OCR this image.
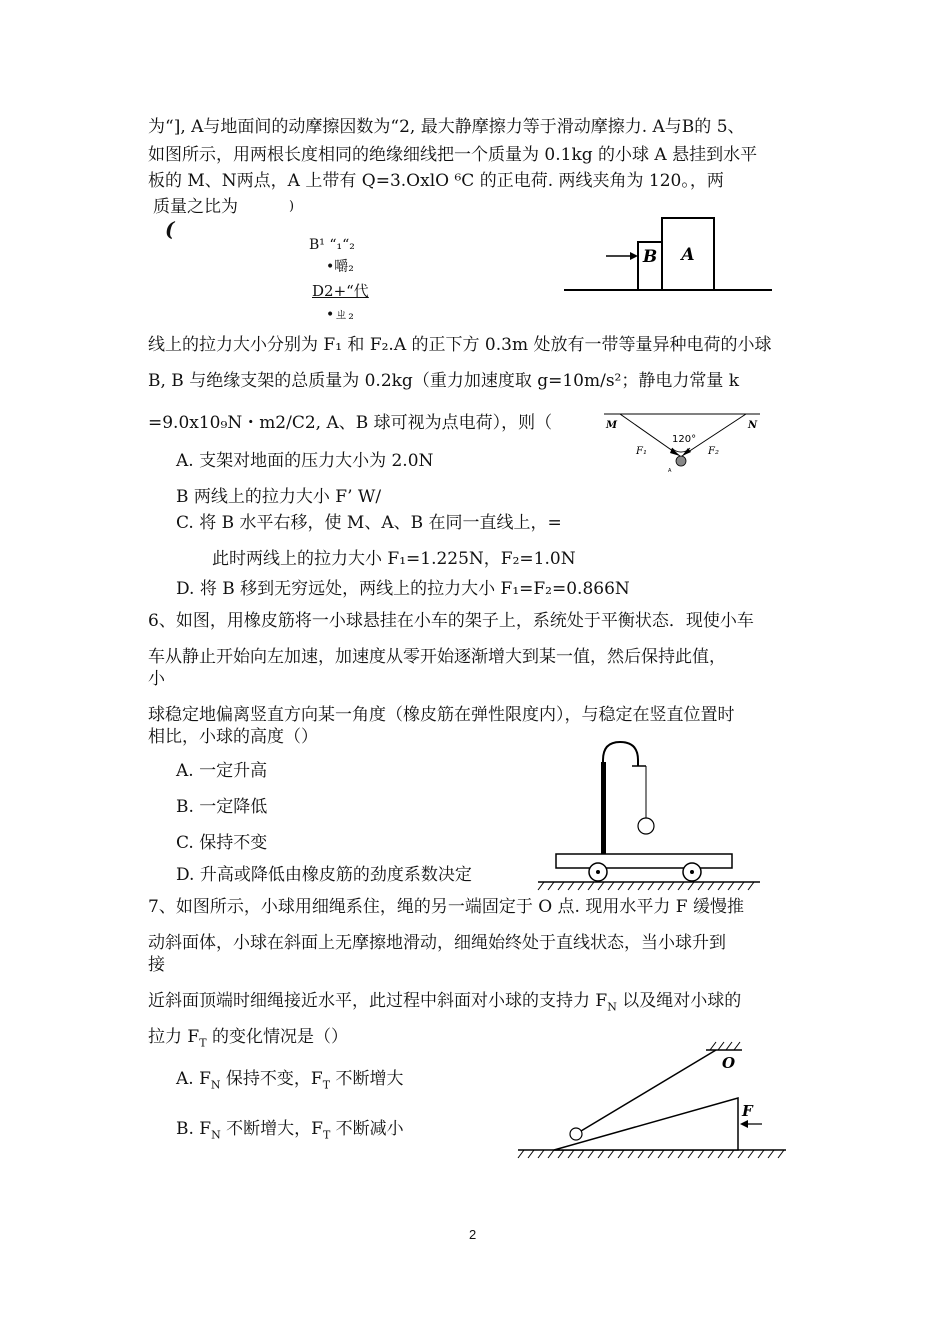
为“], A与地面间的动摩擦因数为“2, 最大静摩擦力等于滑动摩擦力. A与B的 5、
如图所示，用两根长度相同的绝缘细线把一个质量为 0.1kg 的小球 A 悬挂到水平
板的 M、N两点，A 上带有 Q=3.OxlO ⁶C 的正电荷. 两线夹角为 120。，两
质量之比为	)
(
B¹ “₁“₂
•嚼₂
D2+“代
•ㄓ₂
B A
线上的拉力大小分别为 F₁ 和 F₂.A 的正下方 0.3m 处放有一带等量异种电荷的小球
B, B 与绝缘支架的总质量为 0.2kg（重力加速度取 g=10m/s²；静电力常量 k
=9.0x10₉N・m2/C2, A、B 球可视为点电荷），则（	M	N
120°
F₁	F₂
A
A. 支架对地面的压力大小为 2.0N
B 两线上的拉力大小 F’ W/
C. 将 B 水平右移，使 M、A、B 在同一直线上，=
此时两线上的拉力大小 F₁=1.225N，F₂=1.0N
D. 将 B 移到无穷远处，两线上的拉力大小 F₁=F₂=0.866N
6、如图，用橡皮筋将一小球悬挂在小车的架子上，系统处于平衡状态．现使小车
车从静止开始向左加速，加速度从零开始逐渐增大到某一值，然后保持此值，
小
球稳定地偏离竖直方向某一角度（橡皮筋在弹性限度内），与稳定在竖直位置时
相比，小球的高度（）
A. 一定升高
B. 一定降低
C. 保持不变
D. 升高或降低由橡皮筋的劲度系数决定
7、如图所示，小球用细绳系住，绳的另一端固定于 O 点. 现用水平力 F 缓慢推
动斜面体，小球在斜面上无摩擦地滑动，细绳始终处于直线状态，当小球升到
接
近斜面顶端时细绳接近水平，此过程中斜面对小球的支持力 $F_N$ 以及绳对小球的
拉力 $F_T$ 的变化情况是（）
A. $F_N$ 保持不变，$F_T$ 不断增大
B. $F_N$ 不断增大，$F_T$ 不断减小
O
F
2
